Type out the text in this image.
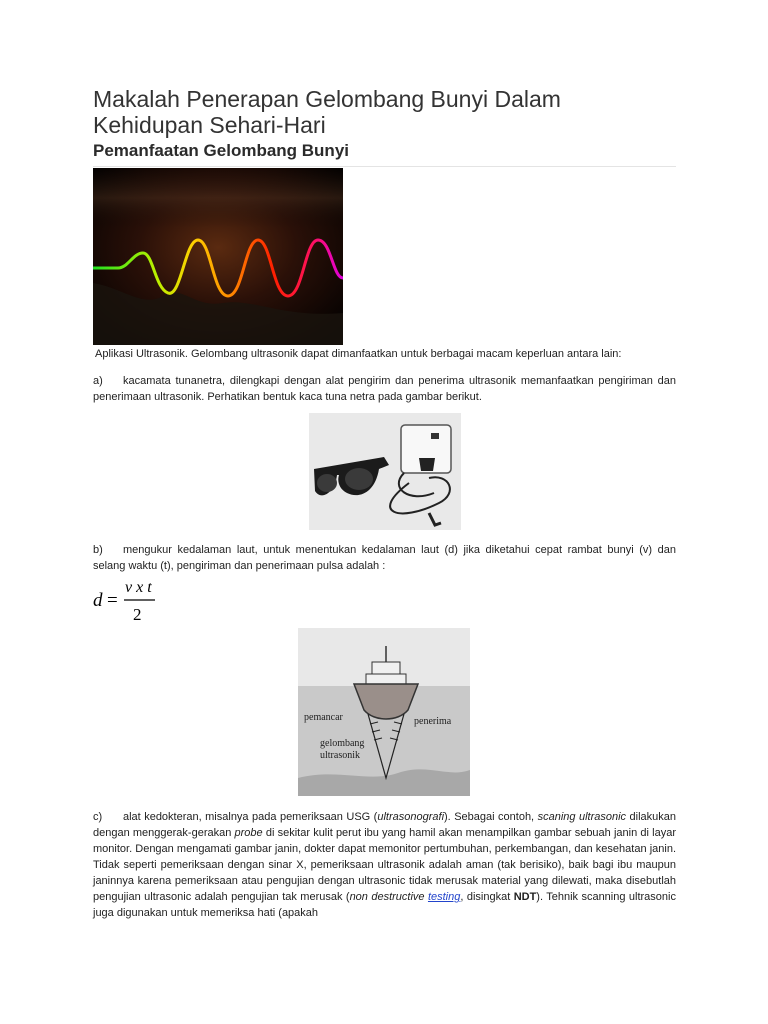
Makalah Penerapan Gelombang Bunyi Dalam Kehidupan Sehari-Hari
Pemanfaatan Gelombang Bunyi

Aplikasi Ultrasonik. Gelombang ultrasonik dapat dimanfaatkan untuk berbagai macam keperluan antara lain:

a) kacamata tunanetra, dilengkapi dengan alat pengirim dan penerima ultrasonik memanfaatkan pengiriman dan penerimaan ultrasonik. Perhatikan bentuk kaca tuna netra pada gambar berikut.

b) mengukur kedalaman laut, untuk menentukan kedalaman laut (d) jika diketahui cepat rambat bunyi (v) dan selang waktu (t), pengiriman dan penerimaan pulsa adalah :

d =
v x t
2
pemancar	penerima
gelombang
ultrasonik

c) alat kedokteran, misalnya pada pemeriksaan USG (ultrasonografi). Sebagai contoh, scaning ultrasonic dilakukan dengan menggerak-gerakan probe di sekitar kulit perut ibu yang hamil akan menampilkan gambar sebuah janin di layar monitor. Dengan mengamati gambar janin, dokter dapat memonitor pertumbuhan, perkembangan, dan kesehatan janin. Tidak seperti pemeriksaan dengan sinar X, pemeriksaan ultrasonik adalah aman (tak berisiko), baik bagi ibu maupun janinnya karena pemeriksaan atau pengujian dengan ultrasonic tidak merusak material yang dilewati, maka disebutlah pengujian ultrasonic adalah pengujian tak merusak (non destructive testing, disingkat NDT). Tehnik scanning ultrasonic juga digunakan untuk memeriksa hati (apakah
